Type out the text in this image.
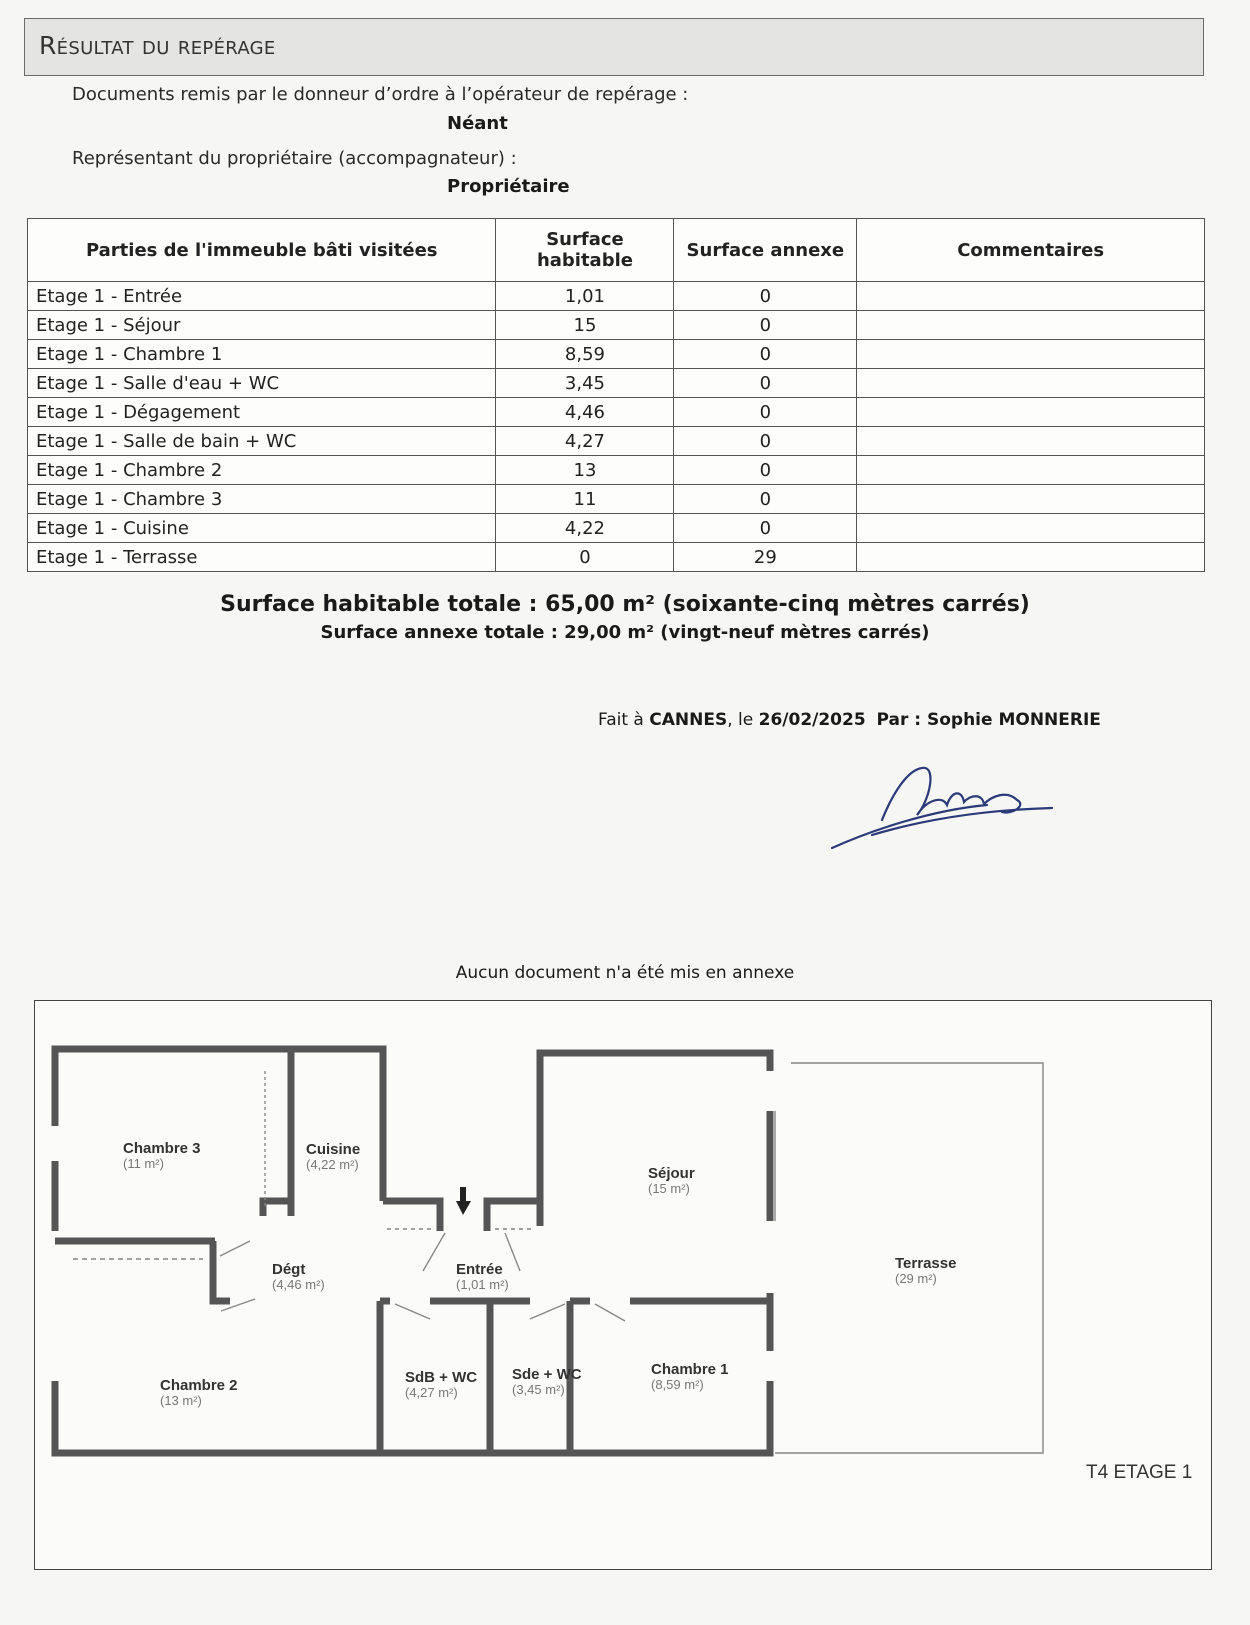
Résultat du repérage
Documents remis par le donneur d’ordre à l’opérateur de repérage :
Néant
Représentant du propriétaire (accompagnateur) :
Propriétaire
Parties de l'immeuble bâti visitées	Surface habitable	Surface annexe	Commentaires
Etage 1 - Entrée	1,01	0	
Etage 1 - Séjour	15	0	
Etage 1 - Chambre 1	8,59	0	
Etage 1 - Salle d'eau + WC	3,45	0	
Etage 1 - Dégagement	4,46	0	
Etage 1 - Salle de bain + WC	4,27	0	
Etage 1 - Chambre 2	13	0	
Etage 1 - Chambre 3	11	0	
Etage 1 - Cuisine	4,22	0	
Etage 1 - Terrasse	0	29	
Surface habitable totale : 65,00 m² (soixante-cinq mètres carrés)
Surface annexe totale : 29,00 m² (vingt-neuf mètres carrés)
Fait à CANNES, le 26/02/2025 Par : Sophie MONNERIE
Aucun document n'a été mis en annexe
Chambre 3
(11 m²)
Cuisine
(4,22 m²)
Séjour
(15 m²)
Terrasse
(29 m²)
Dégt
(4,46 m²)
Entrée
(1,01 m²)
Chambre 2
(13 m²)
SdB + WC
(4,27 m²)
Sde + WC
(3,45 m²)
Chambre 1
(8,59 m²)
T4 ETAGE 1
